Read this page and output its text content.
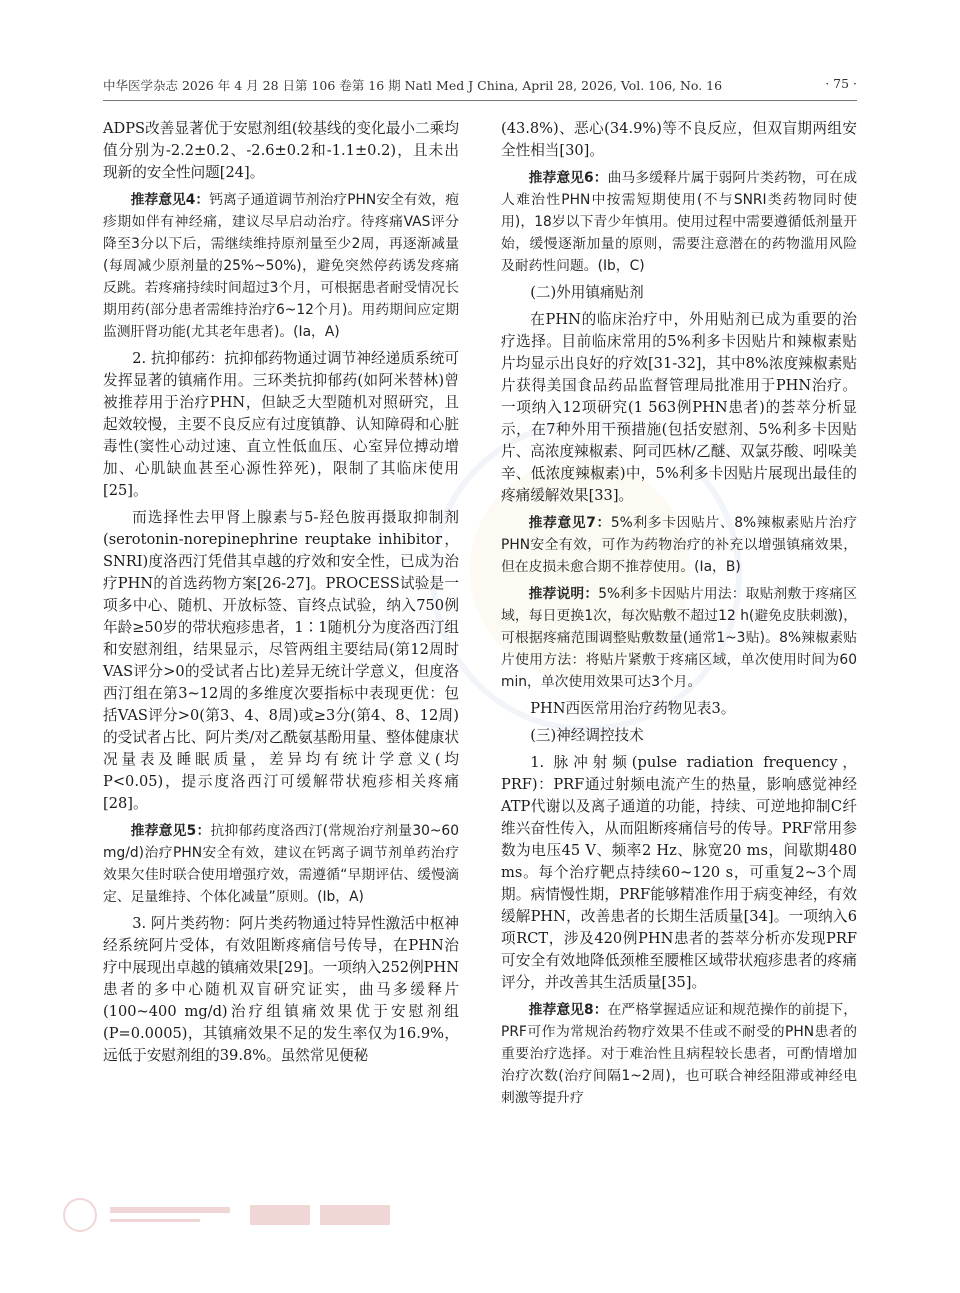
中华医学杂志 2026 年 4 月 28 日第 106 卷第 16 期 Natl Med J China, April 28, 2026, Vol. 106, No. 16	· 75 ·

ADPS改善显著优于安慰剂组(较基线的变化最小二乘均值分别为-2.2±0.2、-2.6±0.2和-1.1±0.2)，且未出现新的安全性问题[24]。

推荐意见4：钙离子通道调节剂治疗PHN安全有效，疱疹期如伴有神经痛，建议尽早启动治疗。待疼痛VAS评分降至3分以下后，需继续维持原剂量至少2周，再逐渐减量(每周减少原剂量的25%~50%)，避免突然停药诱发疼痛反跳。若疼痛持续时间超过3个月，可根据患者耐受情况长期用药(部分患者需维持治疗6~12个月)。用药期间应定期监测肝肾功能(尤其老年患者)。(Ⅰa，A)

2. 抗抑郁药：抗抑郁药物通过调节神经递质系统可发挥显著的镇痛作用。三环类抗抑郁药(如阿米替林)曾被推荐用于治疗PHN，但缺乏大型随机对照研究，且起效较慢，主要不良反应有过度镇静、认知障碍和心脏毒性(窦性心动过速、直立性低血压、心室异位搏动增加、心肌缺血甚至心源性猝死)，限制了其临床使用[25]。

而选择性去甲肾上腺素与5-羟色胺再摄取抑制剂(serotonin-norepinephrine reuptake inhibitor，SNRI)度洛西汀凭借其卓越的疗效和安全性，已成为治疗PHN的首选药物方案[26-27]。PROCESS试验是一项多中心、随机、开放标签、盲终点试验，纳入750例年龄≥50岁的带状疱疹患者，1∶1随机分为度洛西汀组和安慰剂组，结果显示，尽管两组主要结局(第12周时VAS评分>0的受试者占比)差异无统计学意义，但度洛西汀组在第3~12周的多维度次要指标中表现更优：包括VAS评分>0(第3、4、8周)或≥3分(第4、8、12周)的受试者占比、阿片类/对乙酰氨基酚用量、整体健康状况量表及睡眠质量，差异均有统计学意义(均P<0.05)，提示度洛西汀可缓解带状疱疹相关疼痛[28]。

推荐意见5：抗抑郁药度洛西汀(常规治疗剂量30~60 mg/d)治疗PHN安全有效，建议在钙离子调节剂单药治疗效果欠佳时联合使用增强疗效，需遵循“早期评估、缓慢滴定、足量维持、个体化减量”原则。(Ⅰb，A)

3. 阿片类药物：阿片类药物通过特异性激活中枢神经系统阿片受体，有效阻断疼痛信号传导，在PHN治疗中展现出卓越的镇痛效果[29]。一项纳入252例PHN患者的多中心随机双盲研究证实，曲马多缓释片(100~400 mg/d)治疗组镇痛效果优于安慰剂组(P=0.0005)，其镇痛效果不足的发生率仅为16.9%，远低于安慰剂组的39.8%。虽然常见便秘

(43.8%)、恶心(34.9%)等不良反应，但双盲期两组安全性相当[30]。

推荐意见6：曲马多缓释片属于弱阿片类药物，可在成人难治性PHN中按需短期使用(不与SNRI类药物同时使用)，18岁以下青少年慎用。使用过程中需要遵循低剂量开始，缓慢逐渐加量的原则，需要注意潜在的药物滥用风险及耐药性问题。(Ⅰb，C)

(二)外用镇痛贴剂

在PHN的临床治疗中，外用贴剂已成为重要的治疗选择。目前临床常用的5%利多卡因贴片和辣椒素贴片均显示出良好的疗效[31-32]，其中8%浓度辣椒素贴片获得美国食品药品监督管理局批准用于PHN治疗。一项纳入12项研究(1 563例PHN患者)的荟萃分析显示，在7种外用干预措施(包括安慰剂、5%利多卡因贴片、高浓度辣椒素、阿司匹林/乙醚、双氯芬酸、吲哚美辛、低浓度辣椒素)中，5%利多卡因贴片展现出最佳的疼痛缓解效果[33]。

推荐意见7：5%利多卡因贴片、8%辣椒素贴片治疗PHN安全有效，可作为药物治疗的补充以增强镇痛效果，但在皮损未愈合期不推荐使用。(Ⅰa，B)

推荐说明：5%利多卡因贴片用法：取贴剂敷于疼痛区域，每日更换1次，每次贴敷不超过12 h(避免皮肤刺激)，可根据疼痛范围调整贴敷数量(通常1~3贴)。8%辣椒素贴片使用方法：将贴片紧敷于疼痛区域，单次使用时间为60 min，单次使用效果可达3个月。

PHN西医常用治疗药物见表3。

(三)神经调控技术

1. 脉冲射频(pulse radiation frequency，PRF)：PRF通过射频电流产生的热量，影响感觉神经ATP代谢以及离子通道的功能，持续、可逆地抑制C纤维兴奋性传入，从而阻断疼痛信号的传导。PRF常用参数为电压45 V、频率2 Hz、脉宽20 ms，间歇期480 ms。每个治疗靶点持续60~120 s，可重复2~3个周期。病情慢性期，PRF能够精准作用于病变神经，有效缓解PHN，改善患者的长期生活质量[34]。一项纳入6项RCT，涉及420例PHN患者的荟萃分析亦发现PRF可安全有效地降低颈椎至腰椎区域带状疱疹患者的疼痛评分，并改善其生活质量[35]。

推荐意见8：在严格掌握适应证和规范操作的前提下，PRF可作为常规治药物疗效果不佳或不耐受的PHN患者的重要治疗选择。对于难治性且病程较长患者，可酌情增加治疗次数(治疗间隔1~2周)，也可联合神经阻滞或神经电刺激等提升疗
